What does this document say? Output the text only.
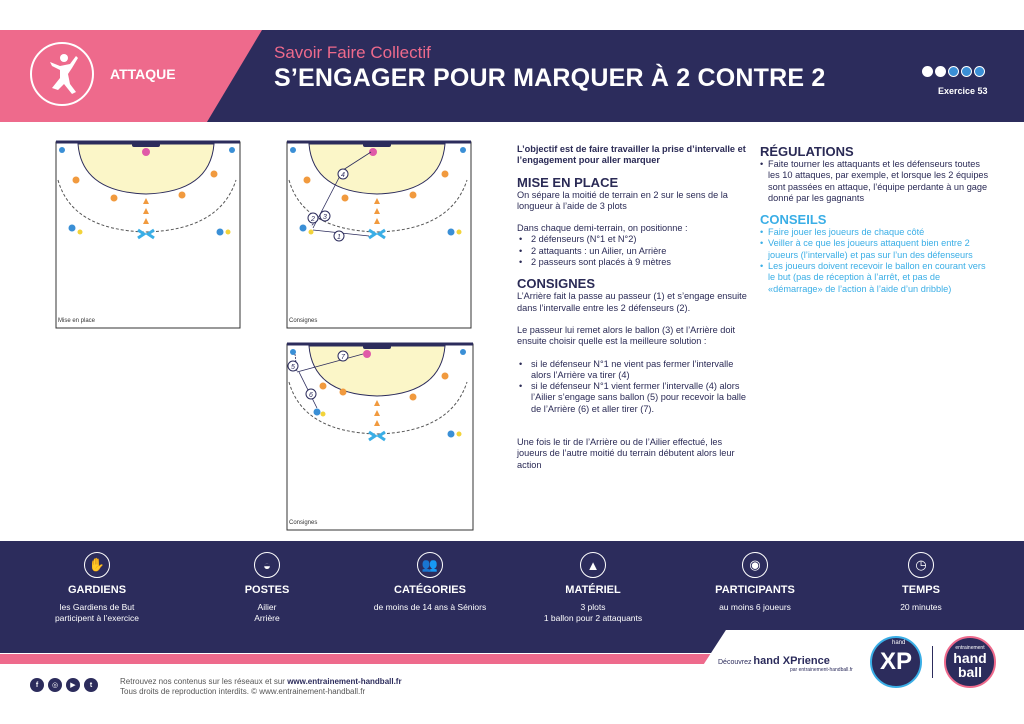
ATTAQUE
Savoir Faire Collectif
S’ENGAGER POUR MARQUER À 2 CONTRE 2	Exercice 53
Mise en place
4
2 3
1
Consignes
7
5
6
Consignes

L’objectif est de faire travailler la prise d’intervalle et l’engagement pour aller marquer

MISE EN PLACE

On sépare la moitié de terrain en 2 sur le sens de la longueur à l’aide de 3 plots

Dans chaque demi-terrain, on positionne :

• 2 défenseurs (N°1 et N°2)
• 2 attaquants : un Ailier, un Arrière
• 2 passeurs sont placés à 9 mètres
CONSIGNES

L’Arrière fait la passe au passeur (1) et s’engage ensuite dans l’intervalle entre les 2 défenseurs (2).

Le passeur lui remet alors le ballon (3) et l’Arrière doit ensuite choisir quelle est la meilleure solution :

• si le défenseur N°1 ne vient pas fermer l’intervalle alors l’Arrière va tirer (4)
• si le défenseur N°1 vient fermer l’intervalle (4) alors l’Ailier s’engage sans ballon (5) pour recevoir la balle de l’Arrière (6) et aller tirer (7).

Une fois le tir de l’Arrière ou de l’Ailier effectué, les joueurs de l’autre moitié du terrain débutent alors leur action

RÉGULATIONS
• Faite tourner les attaquants et les défenseurs toutes les 10 attaques, par exemple, et lorsque les 2 équipes sont passées en attaque, l’équipe perdante à un gage donné par les gagnants
CONSEILS
• Faire jouer les joueurs de chaque côté
• Veiller à ce que les joueurs attaquent bien entre 2 joueurs (l’intervalle) et pas sur l’un des défenseurs
• Les joueurs doivent recevoir le ballon en courant vers le but (pas de réception à l’arrêt, et pas de «démarrage» de l’action à l’aide d’un dribble)
✋
GARDIENS
les Gardiens de But
participent à l’exercice
◒
POSTES
Ailier
Arrière
👥
CATÉGORIES
de moins de 14 ans à Séniors
▲
MATÉRIEL
3 plots
1 ballon pour 2 attaquants
◉
PARTICIPANTS
au moins 6 joueurs
◷
TEMPS
20 minutes
f	◎	▶	t	Retrouvez nos contenus sur les réseaux et sur www.entrainement-handball.fr
Tous droits de reproduction interdits. © www.entrainement-handball.fr
Découvrez hand XPrience
par entrainement-handball.fr XP
hand
entrainement
hand
ball
